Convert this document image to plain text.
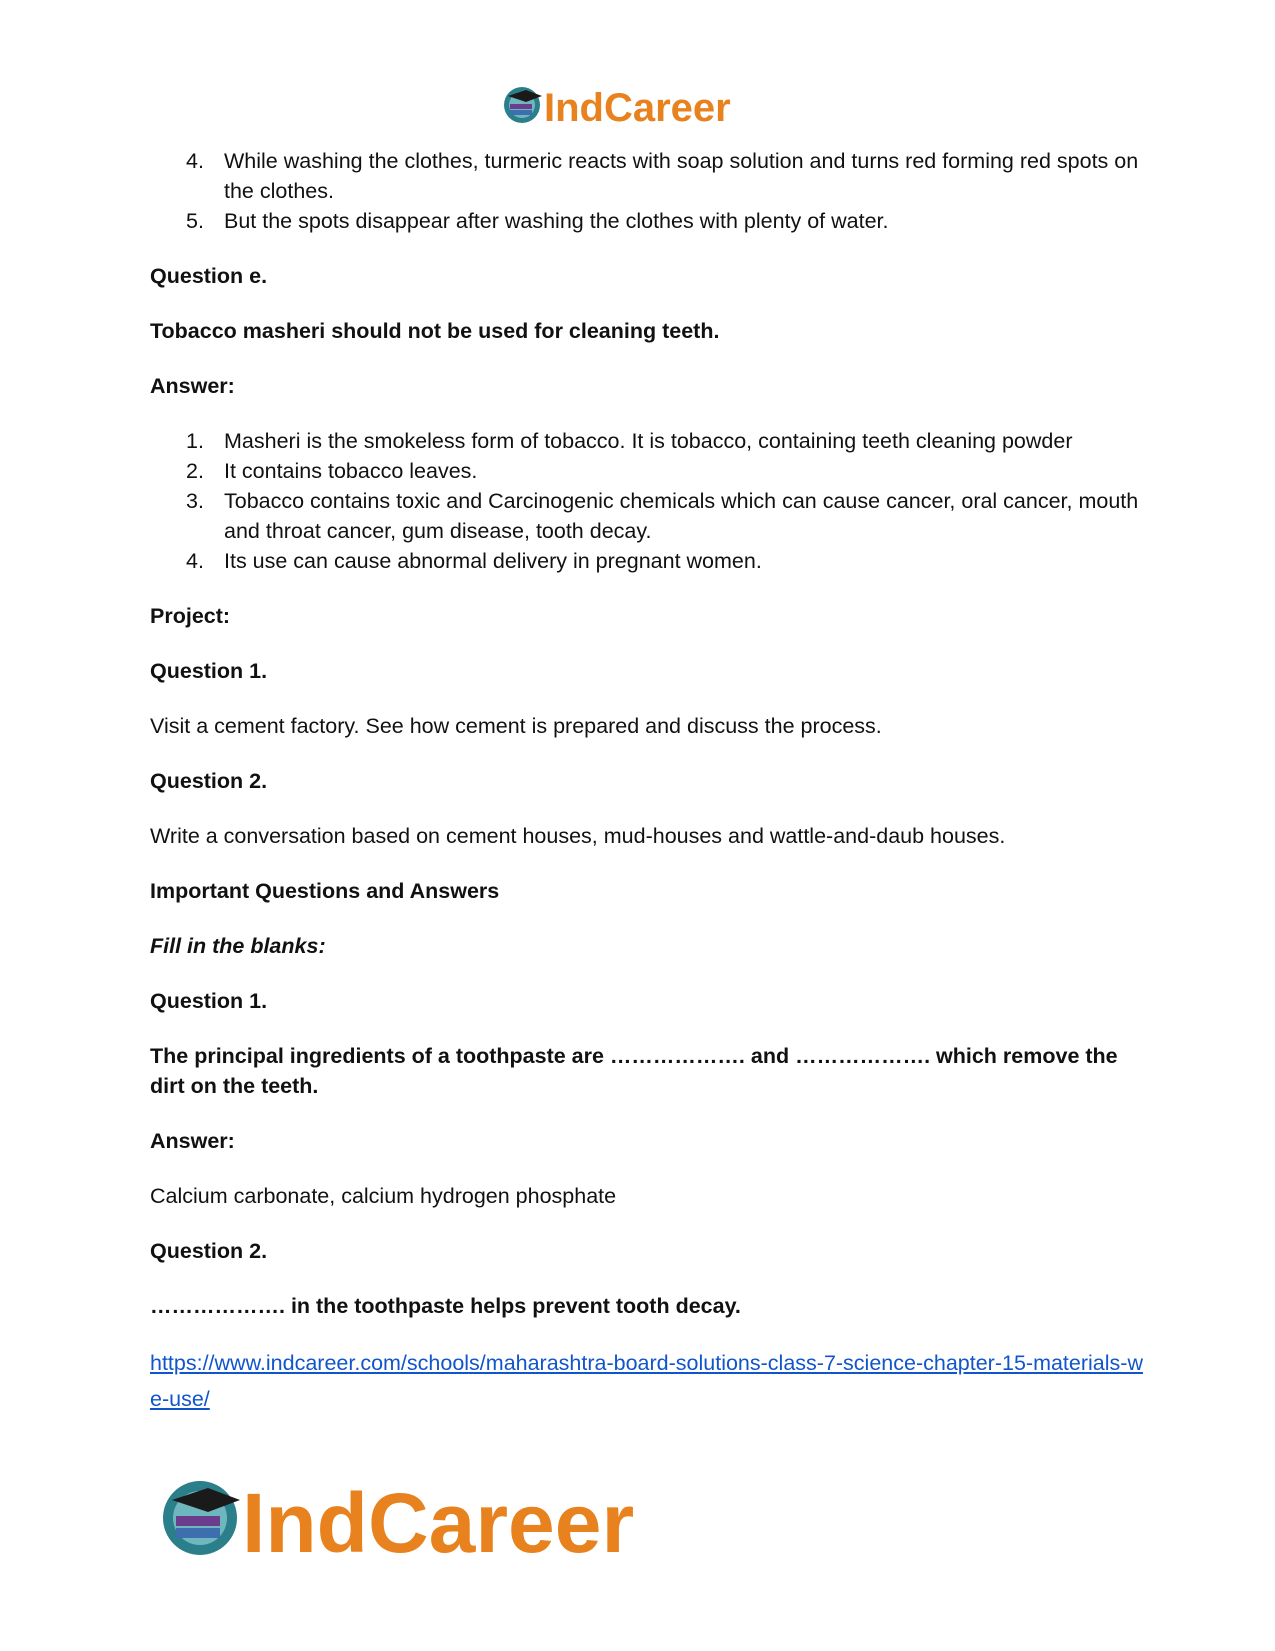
IndCareer
4. While washing the clothes, turmeric reacts with soap solution and turns red forming red spots on the clothes.
5. But the spots disappear after washing the clothes with plenty of water.

Question e.

Tobacco masheri should not be used for cleaning teeth.

Answer:

1. Masheri is the smokeless form of tobacco. It is tobacco, containing teeth cleaning powder
2. It contains tobacco leaves.
3. Tobacco contains toxic and Carcinogenic chemicals which can cause cancer, oral cancer, mouth and throat cancer, gum disease, tooth decay.
4. Its use can cause abnormal delivery in pregnant women.

Project:

Question 1.

Visit a cement factory. See how cement is prepared and discuss the process.

Question 2.

Write a conversation based on cement houses, mud-houses and wattle-and-daub houses.

Important Questions and Answers

Fill in the blanks:

Question 1.

The principal ingredients of a toothpaste are ………………. and ………………. which remove the dirt on the teeth.

Answer:

Calcium carbonate, calcium hydrogen phosphate

Question 2.

………………. in the toothpaste helps prevent tooth decay.

https://www.indcareer.com/schools/maharashtra-board-solutions-class-7-science-chapter-15-materials-we-use/
IndCareer
